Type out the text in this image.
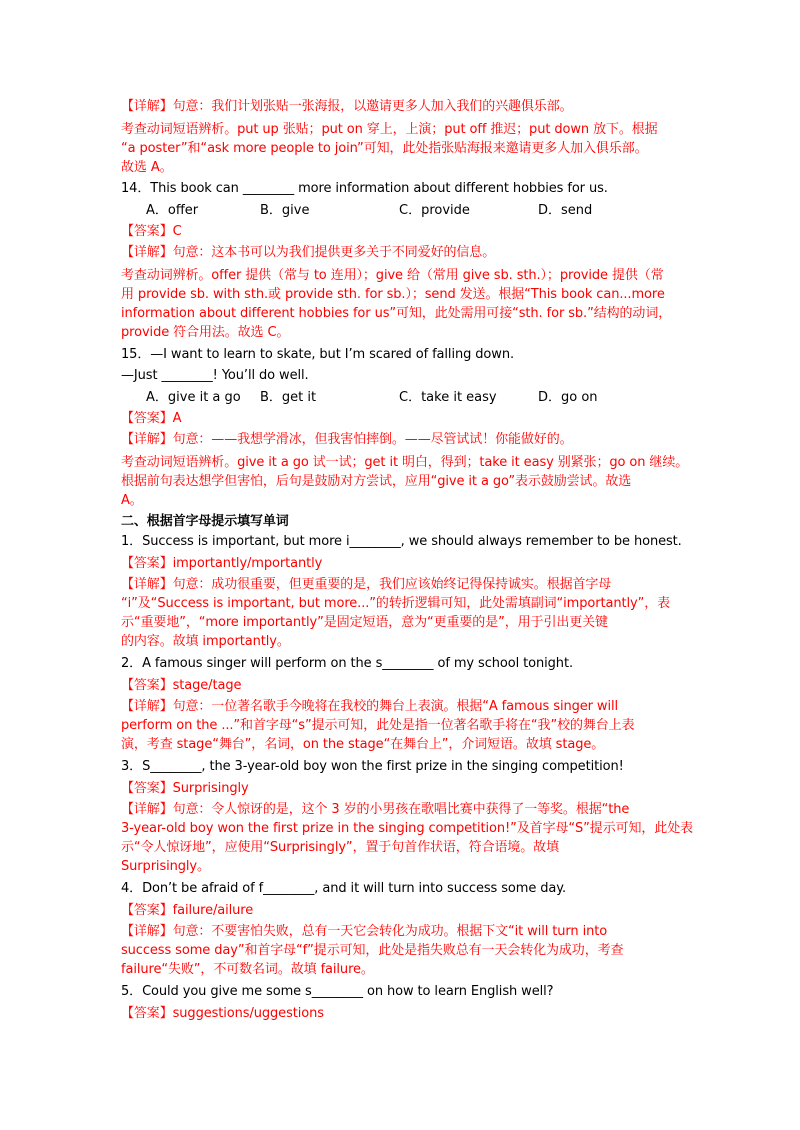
【详解】句意：我们计划张贴一张海报，以邀请更多人加入我们的兴趣俱乐部。
考查动词短语辨析。put up 张贴；put on 穿上，上演；put off 推迟；put down 放下。根据
“a poster”和“ask more people to join”可知，此处指张贴海报来邀请更多人加入俱乐部。
故选 A。
14．This book can ________ more information about different hobbies for us.
【答案】C
【详解】句意：这本书可以为我们提供更多关于不同爱好的信息。
考查动词辨析。offer 提供（常与 to 连用）；give 给（常用 give sb. sth.）；provide 提供（常
用 provide sb. with sth.或 provide sth. for sb.）；send 发送。根据“This book can...more
information about different hobbies for us”可知，此处需用可接“sth. for sb.”结构的动词，
provide 符合用法。故选 C。
15．—I want to learn to skate, but I’m scared of falling down.
—Just ________! You’ll do well.
【答案】A
【详解】句意：——我想学滑冰，但我害怕摔倒。——尽管试试！你能做好的。
考查动词短语辨析。give it a go 试一试；get it 明白，得到；take it easy 别紧张；go on 继续。
根据前句表达想学但害怕，后句是鼓励对方尝试，应用“give it a go”表示鼓励尝试。故选
A。
二、根据首字母提示填写单词
1．Success is important, but more i________, we should always remember to be honest.
【答案】importantly/mportantly
【详解】句意：成功很重要，但更重要的是，我们应该始终记得保持诚实。根据首字母
“i”及“Success is important, but more...”的转折逻辑可知，此处需填副词“importantly”，表
示“重要地”，“more importantly”是固定短语，意为“更重要的是”，用于引出更关键
的内容。故填 importantly。
2．A famous singer will perform on the s________ of my school tonight.
【答案】stage/tage
【详解】句意：一位著名歌手今晚将在我校的舞台上表演。根据“A famous singer will
perform on the ...”和首字母“s”提示可知，此处是指一位著名歌手将在“我”校的舞台上表
演，考查 stage“舞台”，名词，on the stage“在舞台上”，介词短语。故填 stage。
3．S________, the 3-year-old boy won the first prize in the singing competition!
【答案】Surprisingly
【详解】句意：令人惊讶的是，这个 3 岁的小男孩在歌唱比赛中获得了一等奖。根据“the
3-year-old boy won the first prize in the singing competition!”及首字母“S”提示可知，此处表
示“令人惊讶地”，应使用“Surprisingly”，置于句首作状语，符合语境。故填
Surprisingly。
4．Don’t be afraid of f________, and it will turn into success some day.
【答案】failure/ailure
【详解】句意：不要害怕失败，总有一天它会转化为成功。根据下文“it will turn into
success some day”和首字母“f”提示可知，此处是指失败总有一天会转化为成功，考查
failure“失败”，不可数名词。故填 failure。
5．Could you give me some s________ on how to learn English well?
【答案】suggestions/uggestions
A．offer	B．give	C．provide	D．send
A．give it a go B．get it	C．take it easy	D．go on
